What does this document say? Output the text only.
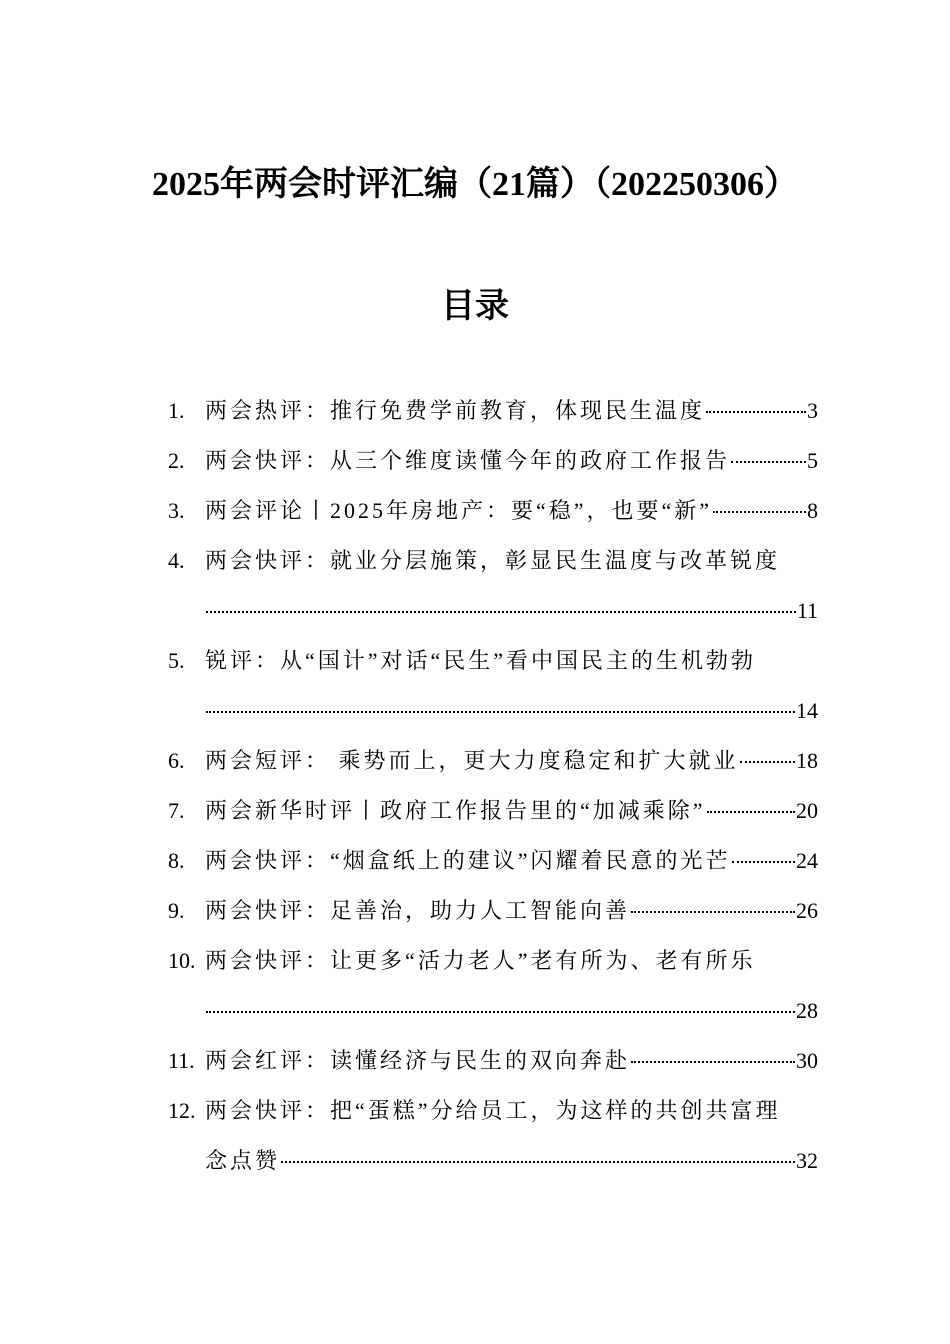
2025年两会时评汇编（21篇）（202250306）
目录
1. 两会热评：推行免费学前教育，体现民生温度	3
2. 两会快评：从三个维度读懂今年的政府工作报告	5
3. 两会评论丨2025年房地产：要“稳”，也要“新”	8
4. 两会快评：就业分层施策，彰显民生温度与改革锐度
11
5. 锐评：从“国计”对话“民生”看中国民主的生机勃勃
14
6. 两会短评： 乘势而上，更大力度稳定和扩大就业	18
7. 两会新华时评丨政府工作报告里的“加减乘除”	20
8. 两会快评：“烟盒纸上的建议”闪耀着民意的光芒	24
9. 两会快评：足善治，助力人工智能向善	26
10. 两会快评：让更多“活力老人”老有所为、老有所乐
28
11. 两会红评：读懂经济与民生的双向奔赴	30
12. 两会快评：把“蛋糕”分给员工，为这样的共创共富理
念点赞	32
